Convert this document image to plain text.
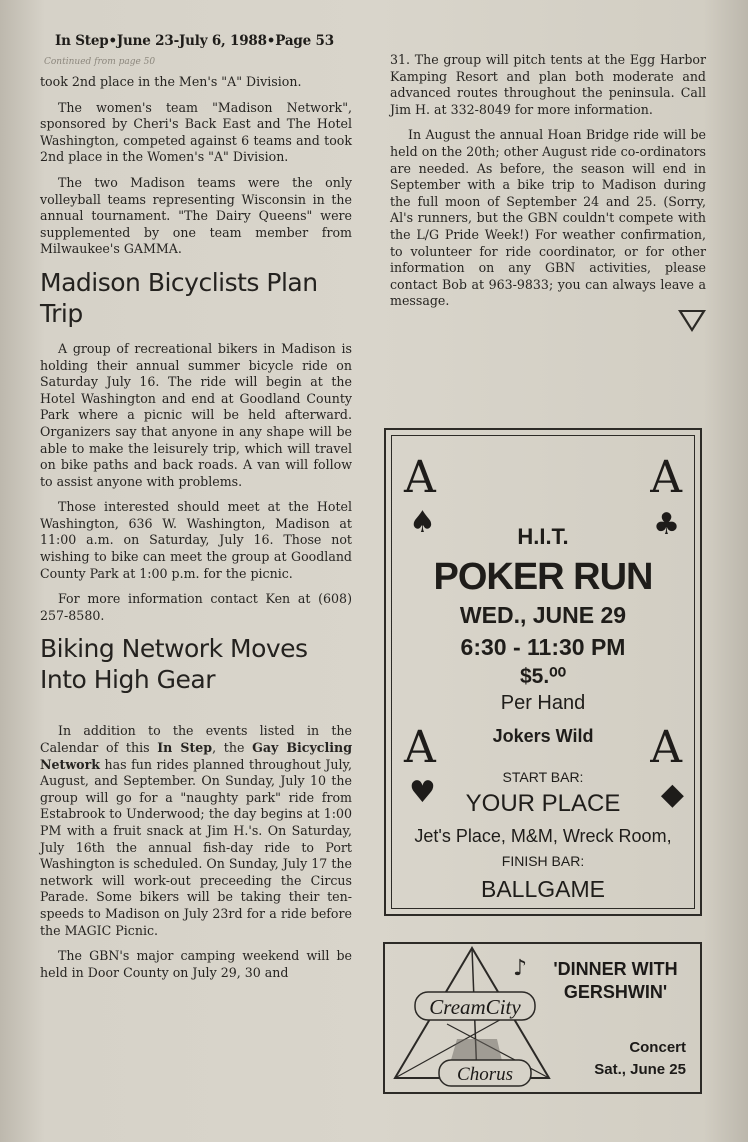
In Step•June 23-July 6, 1988•Page 53
Continued from page 50

took 2nd place in the Men's "A" Division.

The women's team "Madison Network", sponsored by Cheri's Back East and The Hotel Washington, competed against 6 teams and took 2nd place in the Women's "A" Division.

The two Madison teams were the only volleyball teams representing Wisconsin in the annual tournament. "The Dairy Queens" were supplemented by one team member from Milwaukee's GAMMA.

Madison Bicyclists Plan Trip

A group of recreational bikers in Madison is holding their annual summer bicycle ride on Saturday July 16. The ride will begin at the Hotel Washington and end at Goodland County Park where a picnic will be held afterward. Organizers say that anyone in any shape will be able to make the leisurely trip, which will travel on bike paths and back roads. A van will follow to assist anyone with problems.

Those interested should meet at the Hotel Washington, 636 W. Washington, Madison at 11:00 a.m. on Saturday, July 16. Those not wishing to bike can meet the group at Goodland County Park at 1:00 p.m. for the picnic.

For more information contact Ken at (608) 257-8580.

Biking Network Moves Into High Gear

In addition to the events listed in the Calendar of this In Step, the Gay Bicycling Network has fun rides planned throughout July, August, and September. On Sunday, July 10 the group will go for a "naughty park" ride from Estabrook to Underwood; the day begins at 1:00 PM with a fruit snack at Jim H.'s. On Saturday, July 16th the annual fish-day ride to Port Washington is scheduled. On Sunday, July 17 the network will work-out preceeding the Circus Parade. Some bikers will be taking their ten-speeds to Madison on July 23rd for a ride before the MAGIC Picnic.

The GBN's major camping weekend will be held in Door County on July 29, 30 and

31. The group will pitch tents at the Egg Harbor Kamping Resort and plan both moderate and advanced routes throughout the peninsula. Call Jim H. at 332-8049 for more information.

In August the annual Hoan Bridge ride will be held on the 20th; other August ride co-ordinators are needed. As before, the season will end in September with a bike trip to Madison during the full moon of September 24 and 25. (Sorry, Al's runners, but the GBN couldn't compete with the L/G Pride Week!) For weather confirmation, to volunteer for ride coordinator, or for other information on any GBN activities, please contact Bob at 963-9833; you can always leave a message.

A
♠
A
♣
A
♥
A
◆
H.I.T.
POKER RUN
WED., JUNE 29
6:30 - 11:30 PM
$5.⁰⁰
Per Hand
Jokers Wild
START BAR:
YOUR PLACE
Jet's Place, M&M, Wreck Room,
FINISH BAR:
BALLGAME
CreamCity
Chorus
♪	'DINNER WITH GERSHWIN'
Concert
Sat., June 25
